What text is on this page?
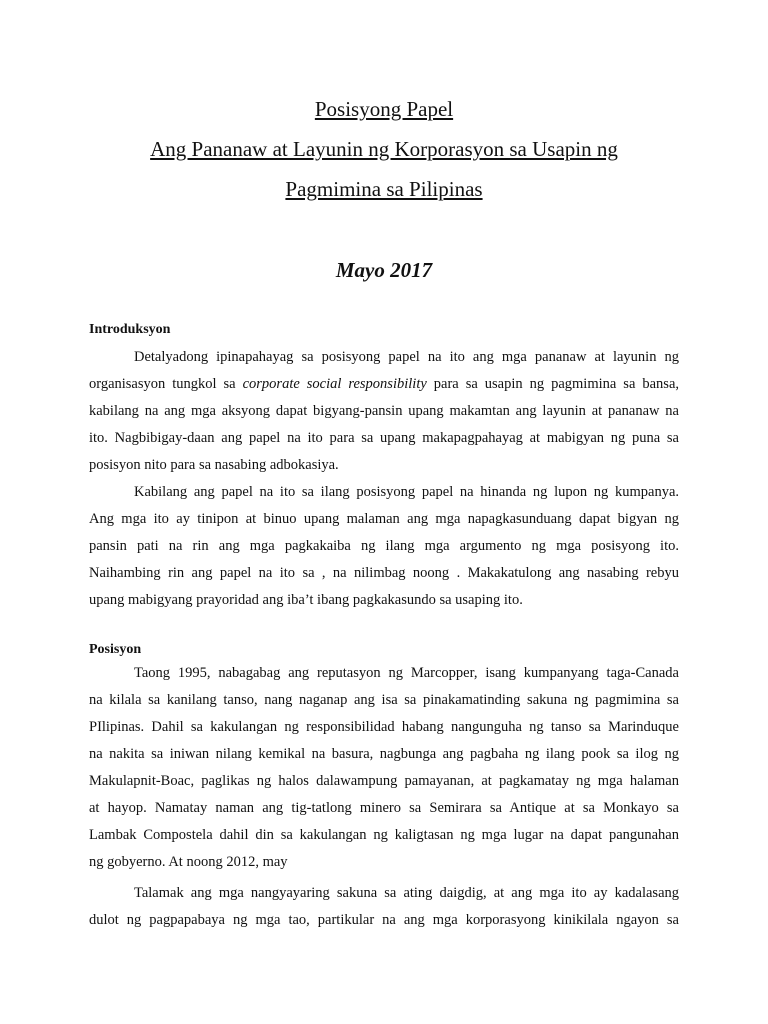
Posisyong Papel
Ang Pananaw at Layunin ng Korporasyon sa Usapin ng
Pagmimina sa Pilipinas
Mayo 2017
Introduksyon
Detalyadong ipinapahayag sa posisyong papel na ito ang mga pananaw at layunin ng
organisasyon tungkol sa corporate social responsibility para sa usapin ng pagmimina sa bansa,
kabilang na ang mga aksyong dapat bigyang-pansin upang makamtan ang layunin at pananaw na
ito. Nagbibigay-daan ang papel na ito para sa upang makapagpahayag at mabigyan ng puna sa
posisyon nito para sa nasabing adbokasiya.
Kabilang ang papel na ito sa ilang posisyong papel na hinanda ng lupon ng kumpanya.
Ang mga ito ay tinipon at binuo upang malaman ang mga napagkasunduang dapat bigyan ng
pansin pati na rin ang mga pagkakaiba ng ilang mga argumento ng mga posisyong ito.
Naihambing rin ang papel na ito sa , na nilimbag noong . Makakatulong ang nasabing rebyu
upang mabigyang prayoridad ang iba’t ibang pagkakasundo sa usaping ito.
Posisyon
Taong 1995, nabagabag ang reputasyon ng Marcopper, isang kumpanyang taga-Canada
na kilala sa kanilang tanso, nang naganap ang isa sa pinakamatinding sakuna ng pagmimina sa
PIlipinas. Dahil sa kakulangan ng responsibilidad habang nangunguha ng tanso sa Marinduque
na nakita sa iniwan nilang kemikal na basura, nagbunga ang pagbaha ng ilang pook sa ilog ng
Makulapnit-Boac, paglikas ng halos dalawampung pamayanan, at pagkamatay ng mga halaman
at hayop. Namatay naman ang tig-tatlong minero sa Semirara sa Antique at sa Monkayo sa
Lambak Compostela dahil din sa kakulangan ng kaligtasan ng mga lugar na dapat pangunahan
ng gobyerno. At noong 2012, may
Talamak ang mga nangyayaring sakuna sa ating daigdig, at ang mga ito ay kadalasang
dulot ng pagpapabaya ng mga tao, partikular na ang mga korporasyong kinikilala ngayon sa
